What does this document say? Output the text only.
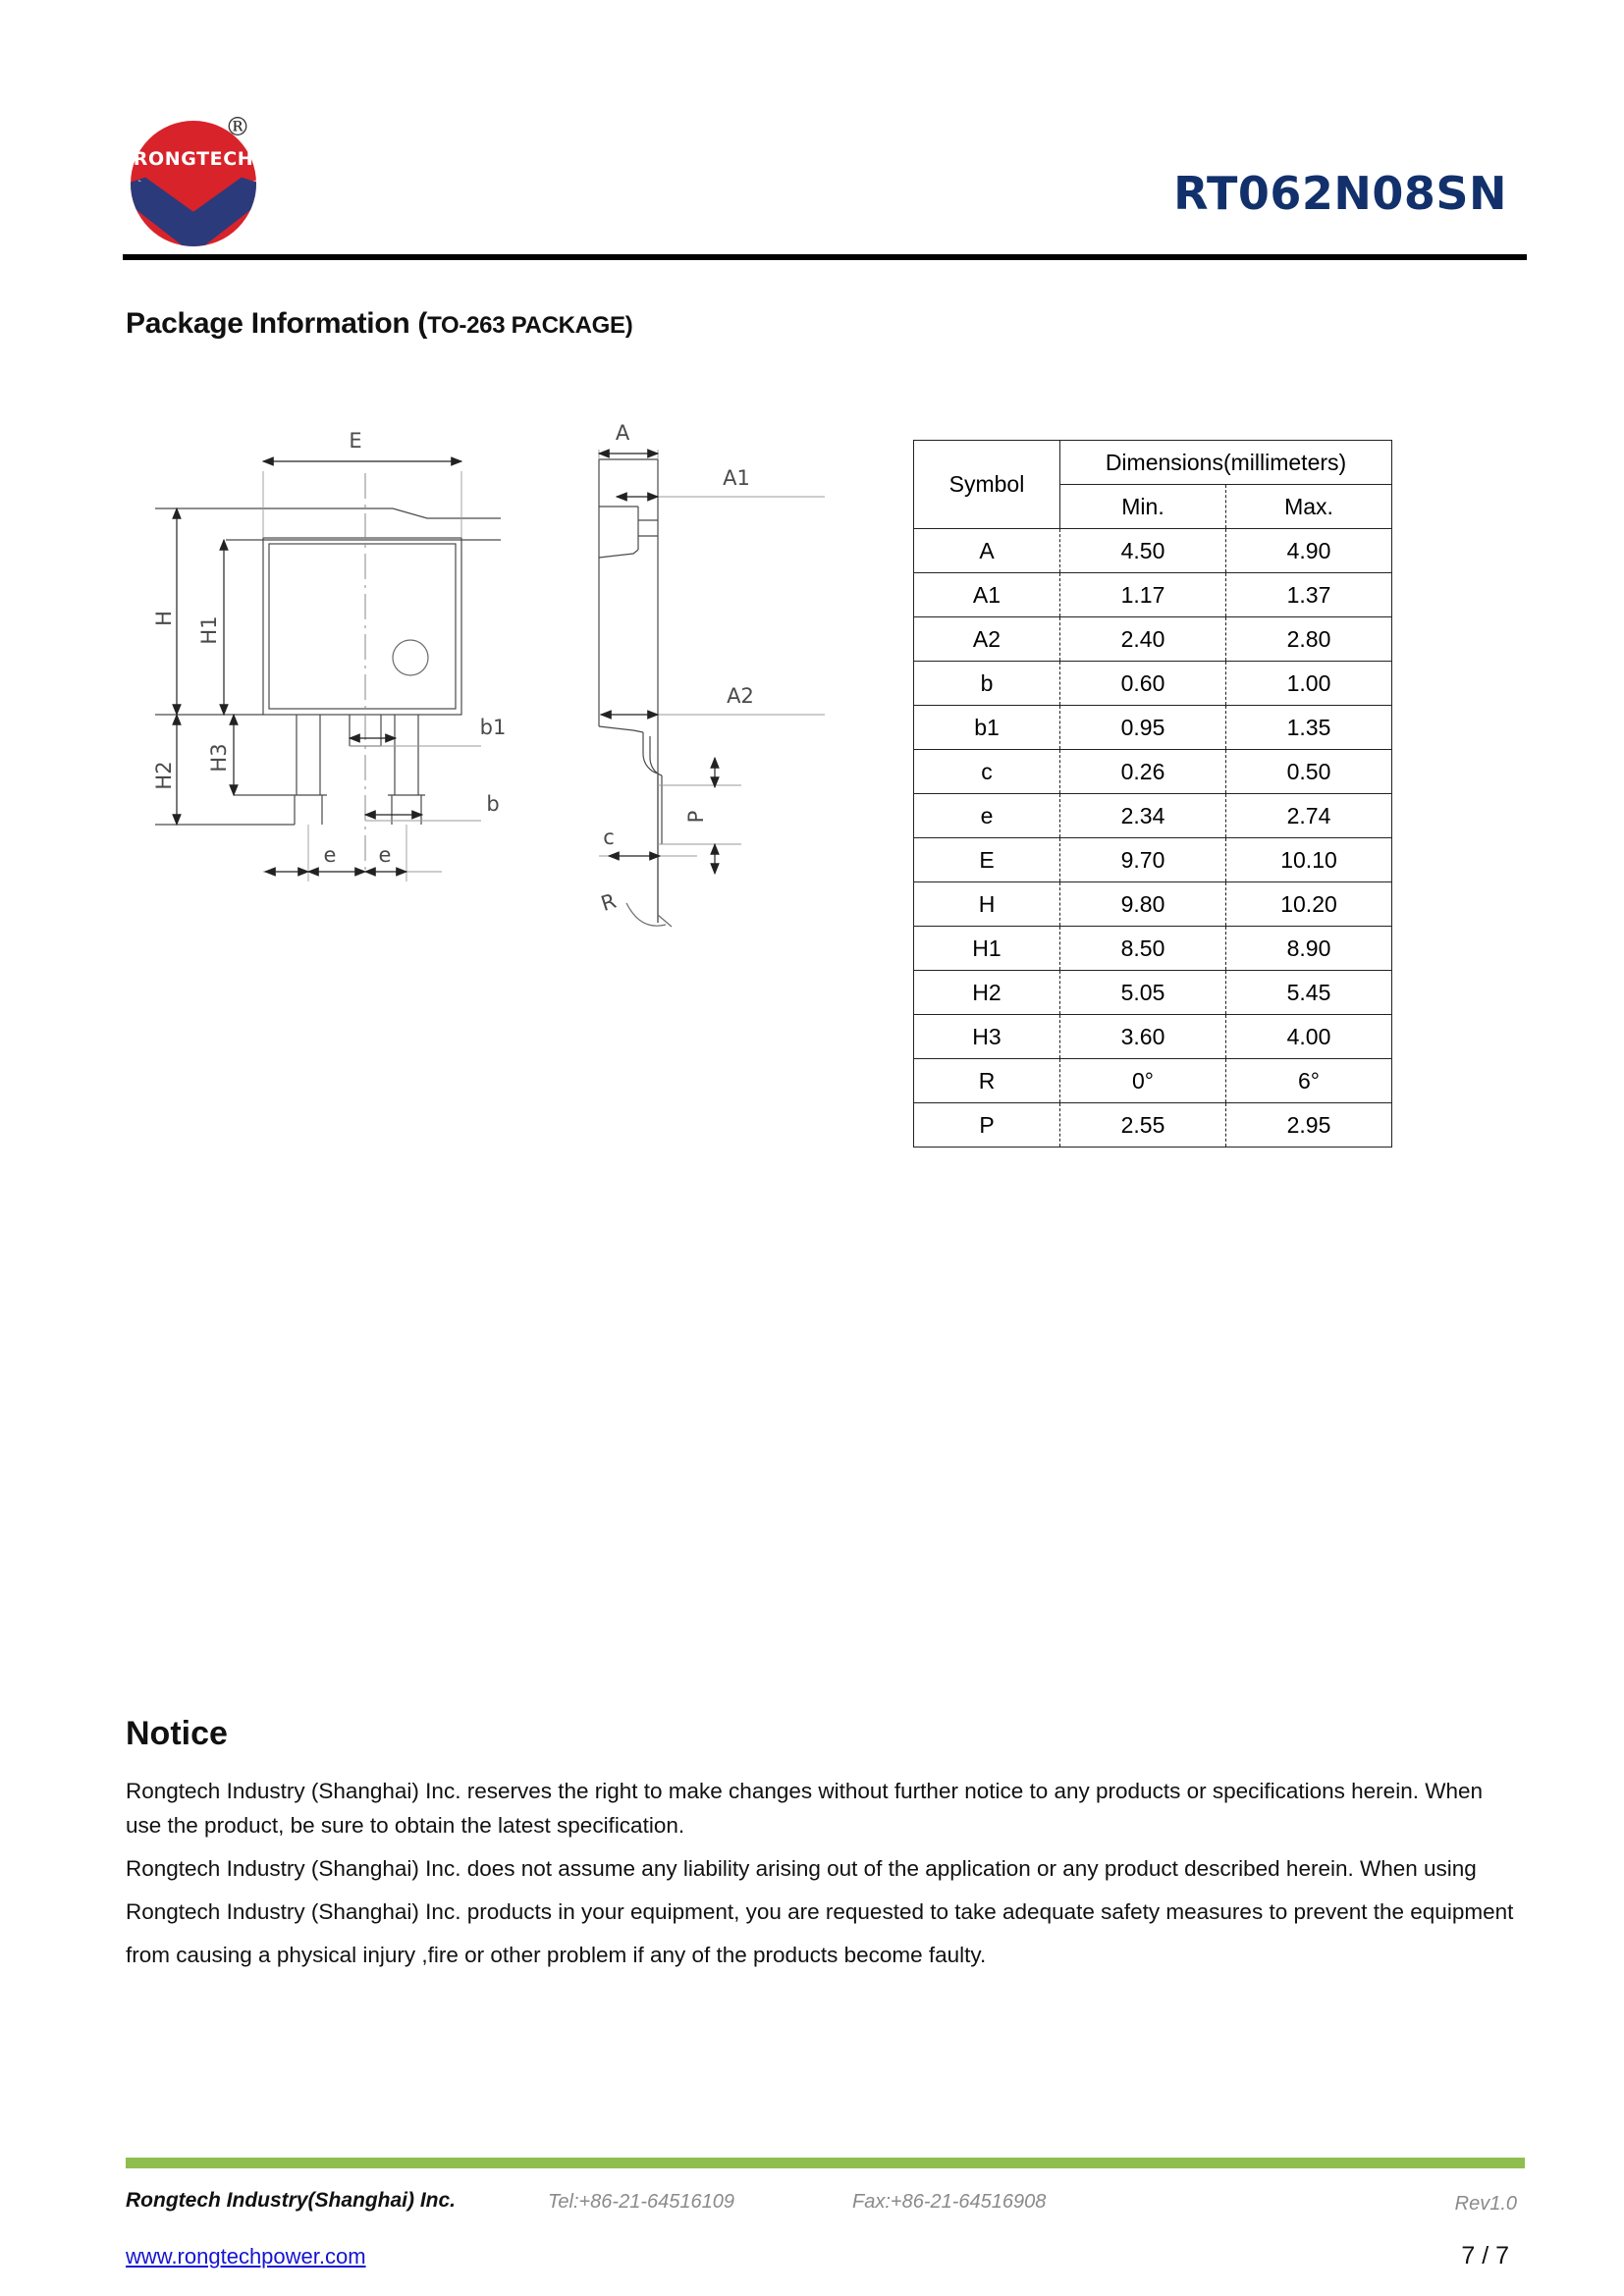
RONGTECH
®
RT062N08SN
Package Information (TO-263 PACKAGE)
E	A
A1
A2
c
b1
b
e e
H H1
H2
H3
P
R
Symbol	Dimensions(millimeters)	
	Min.	Max.
A	4.50	4.90
A1	1.17	1.37
A2	2.40	2.80
b	0.60	1.00
b1	0.95	1.35
c	0.26	0.50
e	2.34	2.74
E	9.70	10.10
H	9.80	10.20
H1	8.50	8.90
H2	5.05	5.45
H3	3.60	4.00
R	0°	6°
P	2.55	2.95
Notice

Rongtech Industry (Shanghai) Inc. reserves the right to make changes without further notice to any products or specifications herein. When use the product, be sure to obtain the latest specification.

Rongtech Industry (Shanghai) Inc. does not assume any liability arising out of the application or any product described herein. When using Rongtech Industry (Shanghai) Inc. products in your equipment, you are requested to take adequate safety measures to prevent the equipment from causing a physical injury ,fire or other problem if any of the products become faulty.

Rongtech Industry(Shanghai) Inc.	Tel:+86-21-64516109	Fax:+86-21-64516908	Rev1.0
www.rongtechpower.com	7 / 7
